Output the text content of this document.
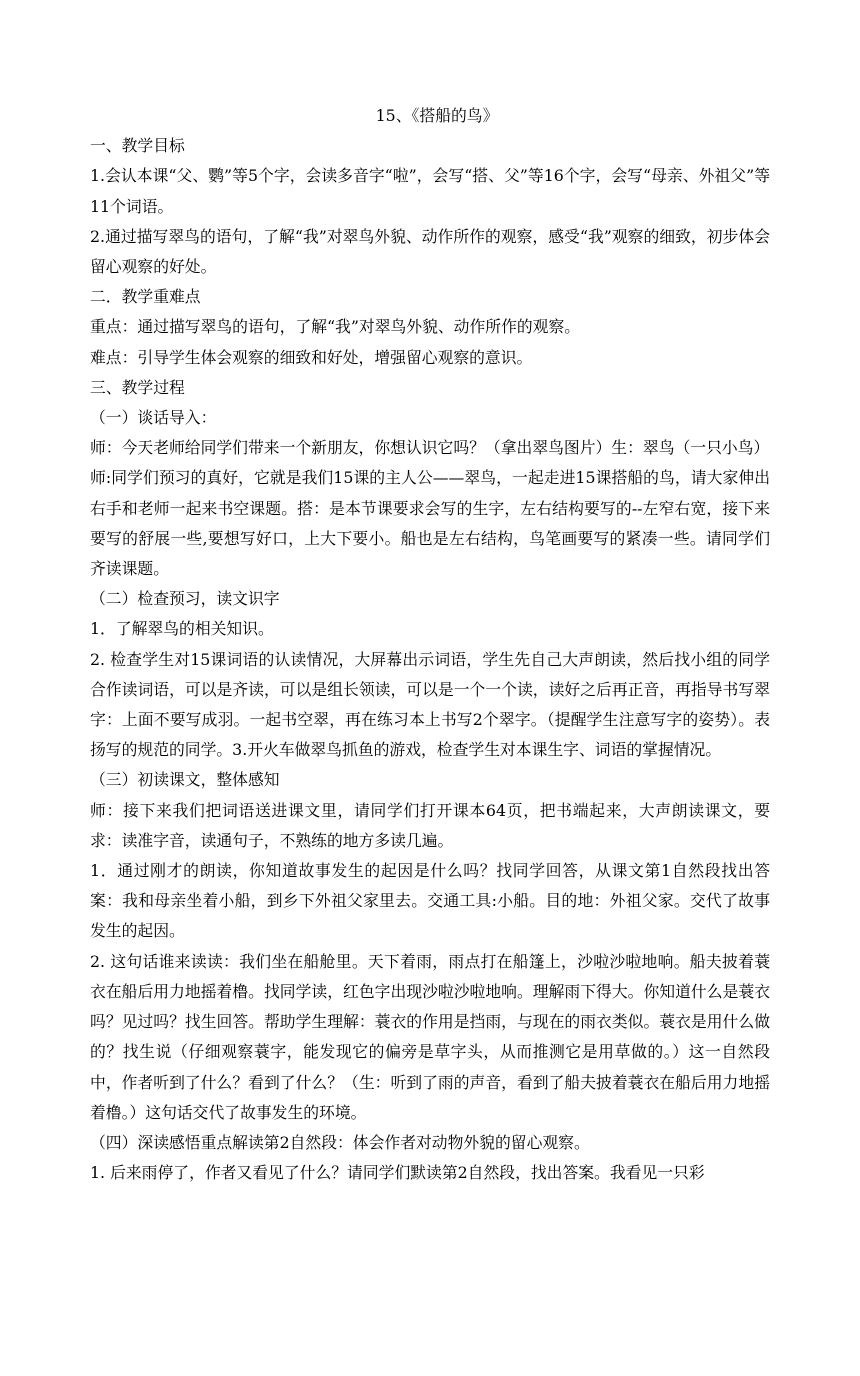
15、《搭船的鸟》

一、教学目标

1.会认本课“父、鹦”等5个字，会读多音字“啦”，会写“搭、父”等16个字，会写“母亲、外祖父”等11个词语。

2.通过描写翠鸟的语句，了解“我”对翠鸟外貌、动作所作的观察，感受“我”观察的细致，初步体会留心观察的好处。

二．教学重难点

重点：通过描写翠鸟的语句，了解“我”对翠鸟外貌、动作所作的观察。

难点：引导学生体会观察的细致和好处，增强留心观察的意识。

三、教学过程

（一）谈话导入：

师：今天老师给同学们带来一个新朋友，你想认识它吗？（拿出翠鸟图片）生：翠鸟（一只小鸟）

师:同学们预习的真好，它就是我们15课的主人公——翠鸟，一起走进15课搭船的鸟，请大家伸出右手和老师一起来书空课题。搭：是本节课要求会写的生字，左右结构要写的--左窄右宽，接下来要写的舒展一些,要想写好口，上大下要小。船也是左右结构，鸟笔画要写的紧凑一些。请同学们齐读课题。

（二）检查预习，读文识字

1．了解翠鸟的相关知识。

2. 检查学生对15课词语的认读情况，大屏幕出示词语，学生先自己大声朗读，然后找小组的同学合作读词语，可以是齐读，可以是组长领读，可以是一个一个读，读好之后再正音，再指导书写翠字：上面不要写成羽。一起书空翠，再在练习本上书写2个翠字。（提醒学生注意写字的姿势）。表扬写的规范的同学。3.开火车做翠鸟抓鱼的游戏，检查学生对本课生字、词语的掌握情况。

（三）初读课文，整体感知

师：接下来我们把词语送进课文里，请同学们打开课本64页，把书端起来，大声朗读课文，要求：读准字音，读通句子，不熟练的地方多读几遍。

1．通过刚才的朗读，你知道故事发生的起因是什么吗？找同学回答，从课文第1自然段找出答案：我和母亲坐着小船，到乡下外祖父家里去。交通工具:小船。目的地：外祖父家。交代了故事发生的起因。

2. 这句话谁来读读：我们坐在船舱里。天下着雨，雨点打在船篷上，沙啦沙啦地响。船夫披着蓑衣在船后用力地摇着橹。找同学读，红色字出现沙啦沙啦地响。理解雨下得大。你知道什么是蓑衣吗？见过吗？找生回答。帮助学生理解：蓑衣的作用是挡雨，与现在的雨衣类似。蓑衣是用什么做的？找生说（仔细观察蓑字，能发现它的偏旁是草字头，从而推测它是用草做的。）这一自然段中，作者听到了什么？看到了什么？（生：听到了雨的声音，看到了船夫披着蓑衣在船后用力地摇着橹。）这句话交代了故事发生的环境。

（四）深读感悟重点解读第2自然段：体会作者对动物外貌的留心观察。

1. 后来雨停了，作者又看见了什么？请同学们默读第2自然段，找出答案。我看见一只彩
